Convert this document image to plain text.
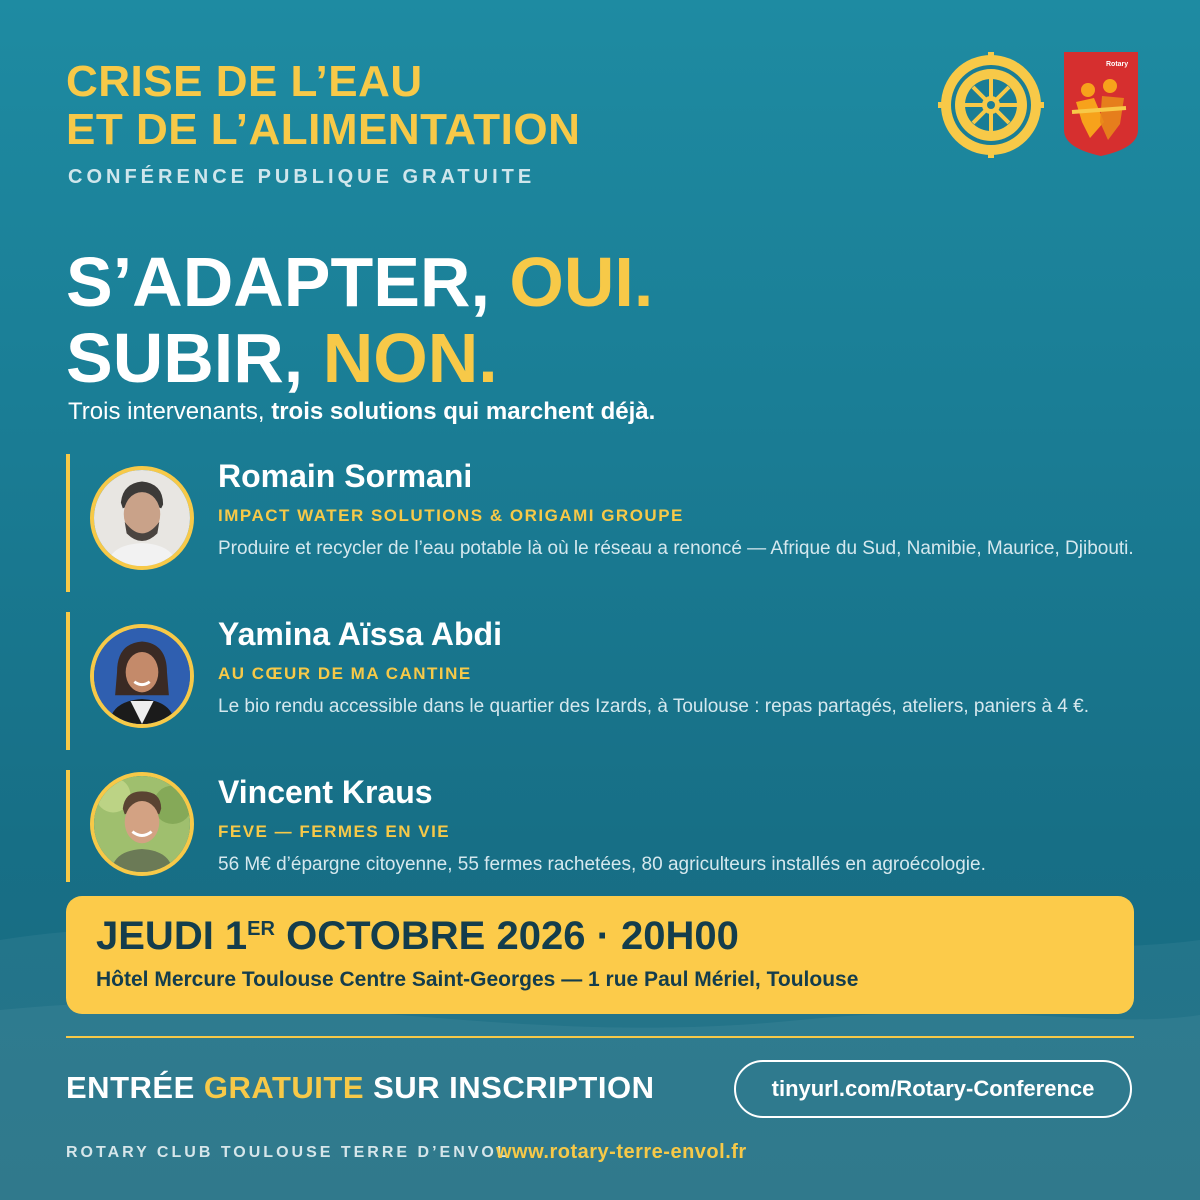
CRISE DE L’EAU
ET DE L’ALIMENTATION
CONFÉRENCE PUBLIQUE GRATUITE
Rotary
S’ADAPTER, OUI.
SUBIR, NON.
Trois intervenants, trois solutions qui marchent déjà.
Romain Sormani
IMPACT WATER SOLUTIONS & ORIGAMI GROUPE
Produire et recycler de l’eau potable là où le réseau a renoncé — Afrique du Sud, Namibie, Maurice, Djibouti.
Yamina Aïssa Abdi
AU CŒUR DE MA CANTINE
Le bio rendu accessible dans le quartier des Izards, à Toulouse : repas partagés, ateliers, paniers à 4 €.
Vincent Kraus
FEVE — FERMES EN VIE
56 M€ d’épargne citoyenne, 55 fermes rachetées, 80 agriculteurs installés en agroécologie.
JEUDI 1ER OCTOBRE 2026 · 20H00
Hôtel Mercure Toulouse Centre Saint-Georges — 1 rue Paul Mériel, Toulouse
ENTRÉE GRATUITE SUR INSCRIPTION	tinyurl.com/Rotary-Conference
ROTARY CLUB TOULOUSE TERRE D’ENVOL
www.rotary-terre-envol.fr
